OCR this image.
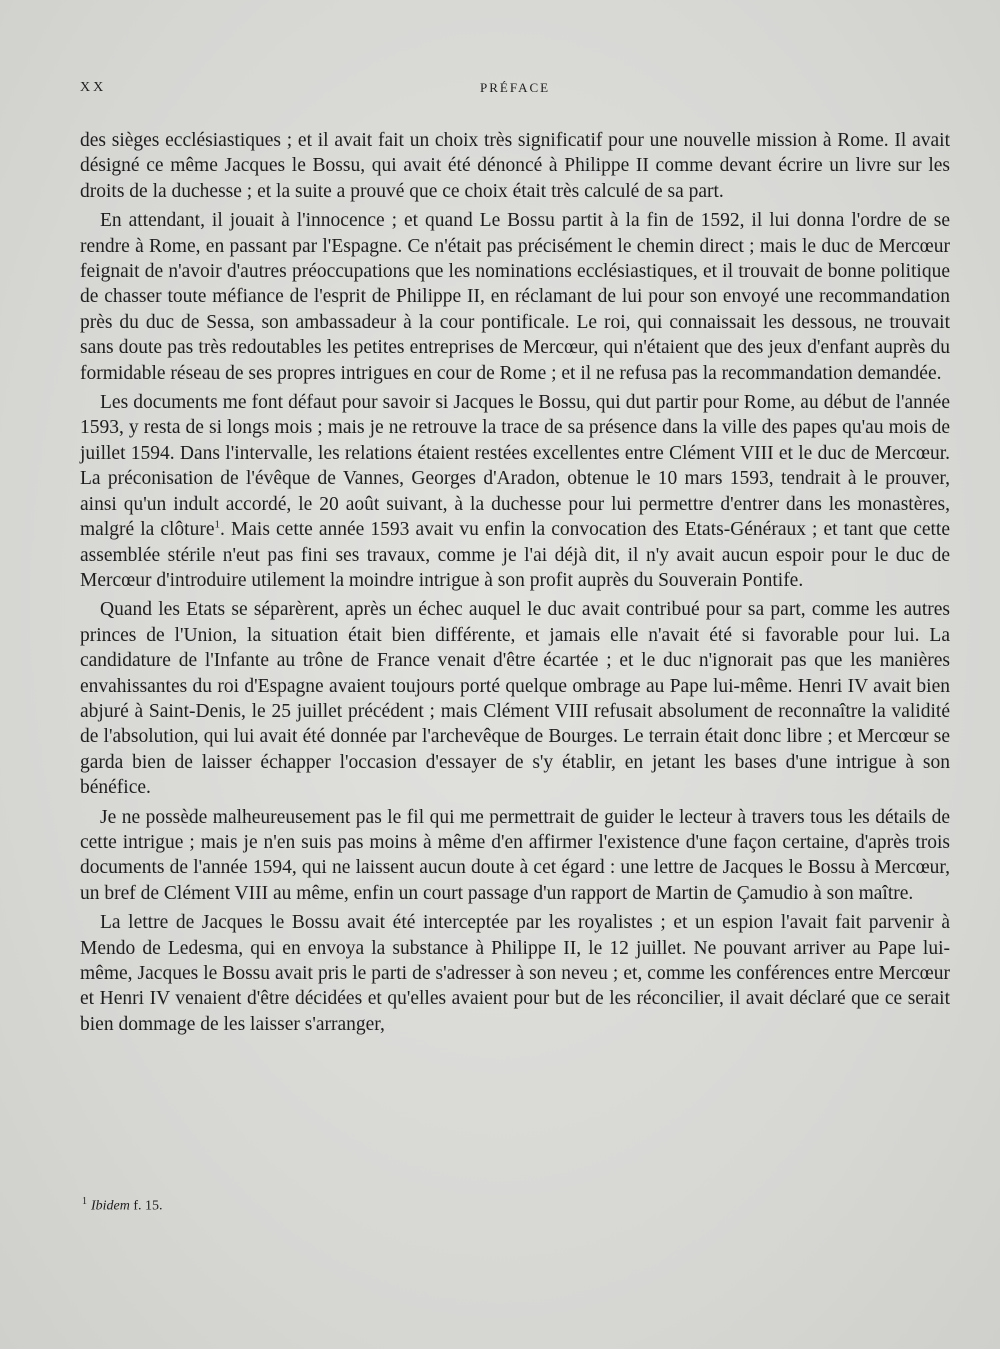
XX	PRÉFACE

des sièges ecclésiastiques ; et il avait fait un choix très significatif pour une nouvelle mission à Rome. Il avait désigné ce même Jacques le Bossu, qui avait été dénoncé à Philippe II comme devant écrire un livre sur les droits de la duchesse ; et la suite a prouvé que ce choix était très calculé de sa part.

En attendant, il jouait à l'innocence ; et quand Le Bossu partit à la fin de 1592, il lui donna l'ordre de se rendre à Rome, en passant par l'Espagne. Ce n'était pas précisément le chemin direct ; mais le duc de Mercœur feignait de n'avoir d'autres préoccupations que les nominations ecclésiastiques, et il trouvait de bonne politique de chasser toute méfiance de l'esprit de Philippe II, en réclamant de lui pour son envoyé une recommandation près du duc de Sessa, son ambassadeur à la cour pontificale. Le roi, qui connaissait les dessous, ne trouvait sans doute pas très redoutables les petites entreprises de Mercœur, qui n'étaient que des jeux d'enfant auprès du formidable réseau de ses propres intrigues en cour de Rome ; et il ne refusa pas la recommandation demandée.

Les documents me font défaut pour savoir si Jacques le Bossu, qui dut partir pour Rome, au début de l'année 1593, y resta de si longs mois ; mais je ne retrouve la trace de sa présence dans la ville des papes qu'au mois de juillet 1594. Dans l'intervalle, les relations étaient restées excellentes entre Clément VIII et le duc de Mercœur. La préconisation de l'évêque de Vannes, Georges d'Aradon, obtenue le 10 mars 1593, tendrait à le prouver, ainsi qu'un indult accordé, le 20 août suivant, à la duchesse pour lui permettre d'entrer dans les monastères, malgré la clôture$^1$. Mais cette année 1593 avait vu enfin la convocation des Etats-Généraux ; et tant que cette assemblée stérile n'eut pas fini ses travaux, comme je l'ai déjà dit, il n'y avait aucun espoir pour le duc de Mercœur d'introduire utilement la moindre intrigue à son profit auprès du Souverain Pontife.

Quand les Etats se séparèrent, après un échec auquel le duc avait contribué pour sa part, comme les autres princes de l'Union, la situation était bien différente, et jamais elle n'avait été si favorable pour lui. La candidature de l'Infante au trône de France venait d'être écartée ; et le duc n'ignorait pas que les manières envahissantes du roi d'Espagne avaient toujours porté quelque ombrage au Pape lui-même. Henri IV avait bien abjuré à Saint-Denis, le 25 juillet précédent ; mais Clément VIII refusait absolument de reconnaître la validité de l'absolution, qui lui avait été donnée par l'archevêque de Bourges. Le terrain était donc libre ; et Mercœur se garda bien de laisser échapper l'occasion d'essayer de s'y établir, en jetant les bases d'une intrigue à son bénéfice.

Je ne possède malheureusement pas le fil qui me permettrait de guider le lecteur à travers tous les détails de cette intrigue ; mais je n'en suis pas moins à même d'en affirmer l'existence d'une façon certaine, d'après trois documents de l'année 1594, qui ne laissent aucun doute à cet égard : une lettre de Jacques le Bossu à Mercœur, un bref de Clément VIII au même, enfin un court passage d'un rapport de Martin de Çamudio à son maître.

La lettre de Jacques le Bossu avait été interceptée par les royalistes ; et un espion l'avait fait parvenir à Mendo de Ledesma, qui en envoya la substance à Philippe II, le 12 juillet. Ne pouvant arriver au Pape lui-même, Jacques le Bossu avait pris le parti de s'adresser à son neveu ; et, comme les conférences entre Mercœur et Henri IV venaient d'être décidées et qu'elles avaient pour but de les réconcilier, il avait déclaré que ce serait bien dommage de les laisser s'arranger,

$^1$ Ibidem f. 15.
